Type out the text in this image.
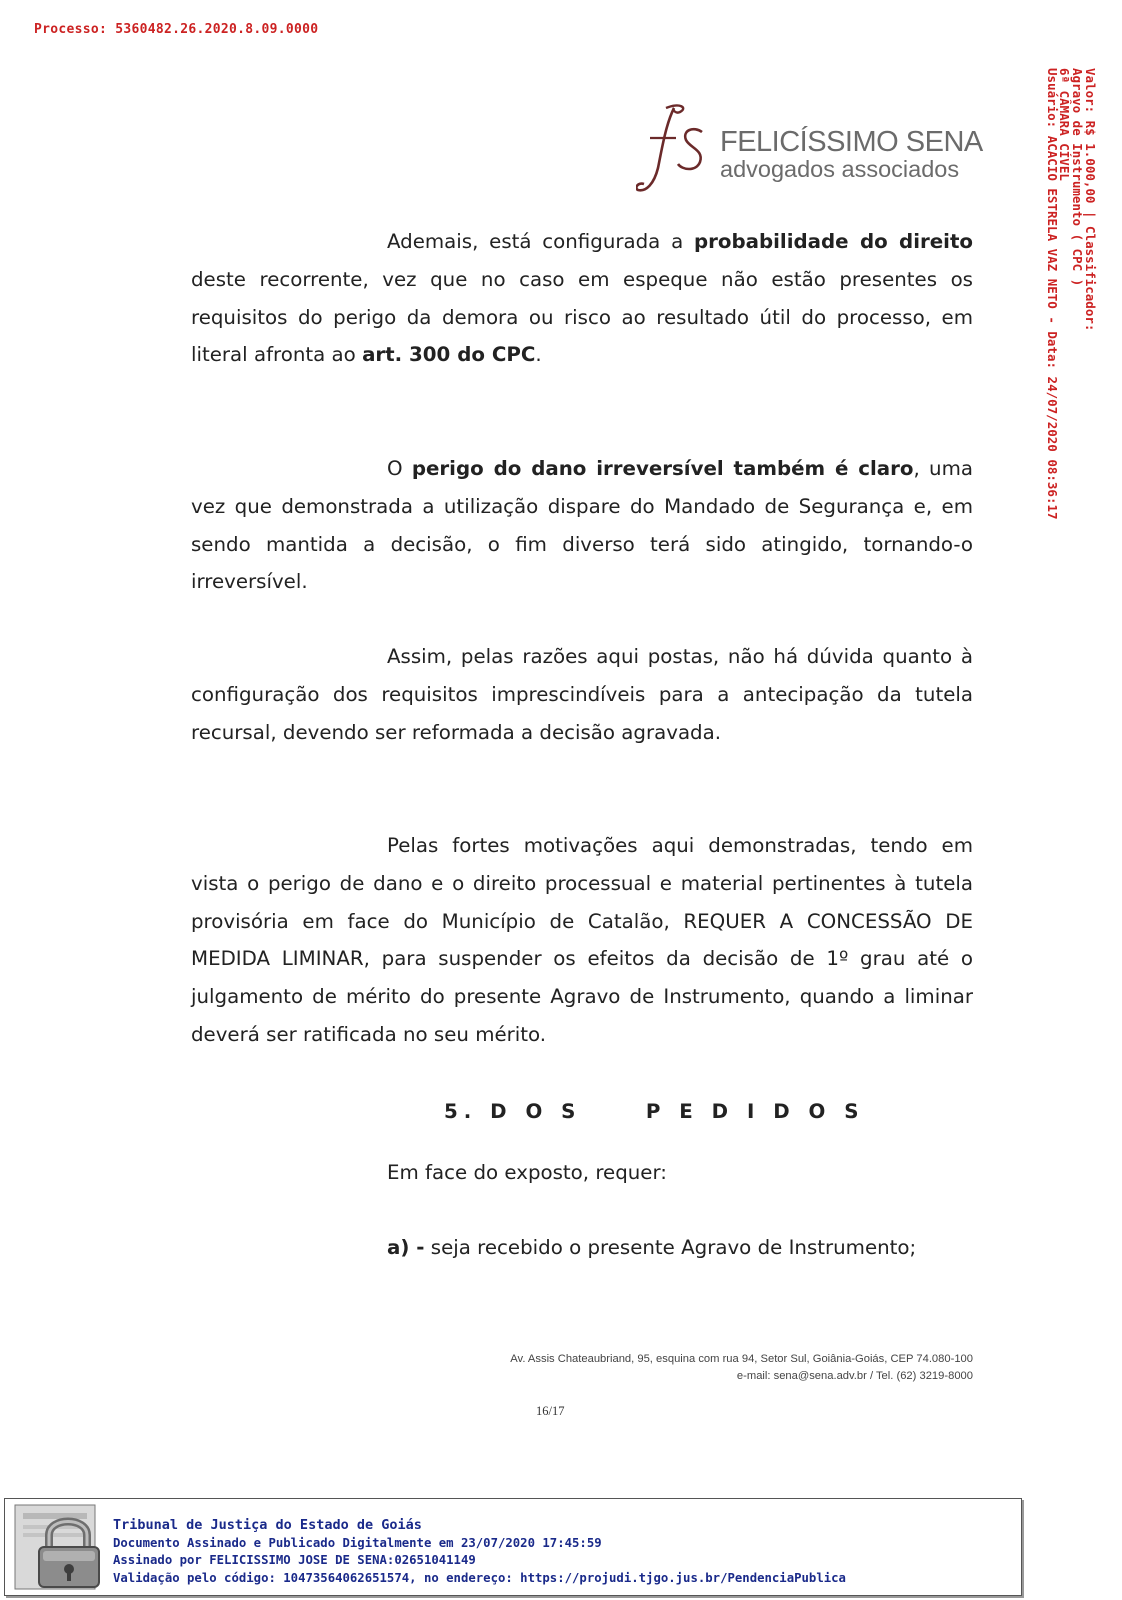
Processo: 5360482.26.2020.8.09.0000
Valor: R$ 1.000,00 | Classificador:
Agravo de Instrumento ( CPC )
6ª CÂMARA CÍVEL
Usuário: ACACIO ESTRELA VAZ NETO - Data: 24/07/2020 08:36:17
FELICÍSSIMO SENA
advogados associados

Ademais, está configurada a probabilidade do direito deste recorrente, vez que no caso em espeque não estão presentes os requisitos do perigo da demora ou risco ao resultado útil do processo, em literal afronta ao art. 300 do CPC.

O perigo do dano irreversível também é claro, uma vez que demonstrada a utilização dispare do Mandado de Segurança e, em sendo mantida a decisão, o fim diverso terá sido atingido, tornando-o irreversível.

Assim, pelas razões aqui postas, não há dúvida quanto à configuração dos requisitos imprescindíveis para a antecipação da tutela recursal, devendo ser reformada a decisão agravada.

Pelas fortes motivações aqui demonstradas, tendo em vista o perigo de dano e o direito processual e material pertinentes à tutela provisória em face do Município de Catalão, REQUER A CONCESSÃO DE MEDIDA LIMINAR, para suspender os efeitos da decisão de 1º grau até o julgamento de mérito do presente Agravo de Instrumento, quando a liminar deverá ser ratificada no seu mérito.

5. D O S     P E D I D O S
Em face do exposto, requer:
a) - seja recebido o presente Agravo de Instrumento;
Av. Assis Chateaubriand, 95, esquina com rua 94, Setor Sul, Goiânia-Goiás, CEP 74.080-100
e-mail: sena@sena.adv.br / Tel. (62) 3219-8000
16/17
Tribunal de Justiça do Estado de Goiás
Documento Assinado e Publicado Digitalmente em 23/07/2020 17:45:59
Assinado por FELICISSIMO JOSE DE SENA:02651041149
Validação pelo código: 10473564062651574, no endereço: https://projudi.tjgo.jus.br/PendenciaPublica
